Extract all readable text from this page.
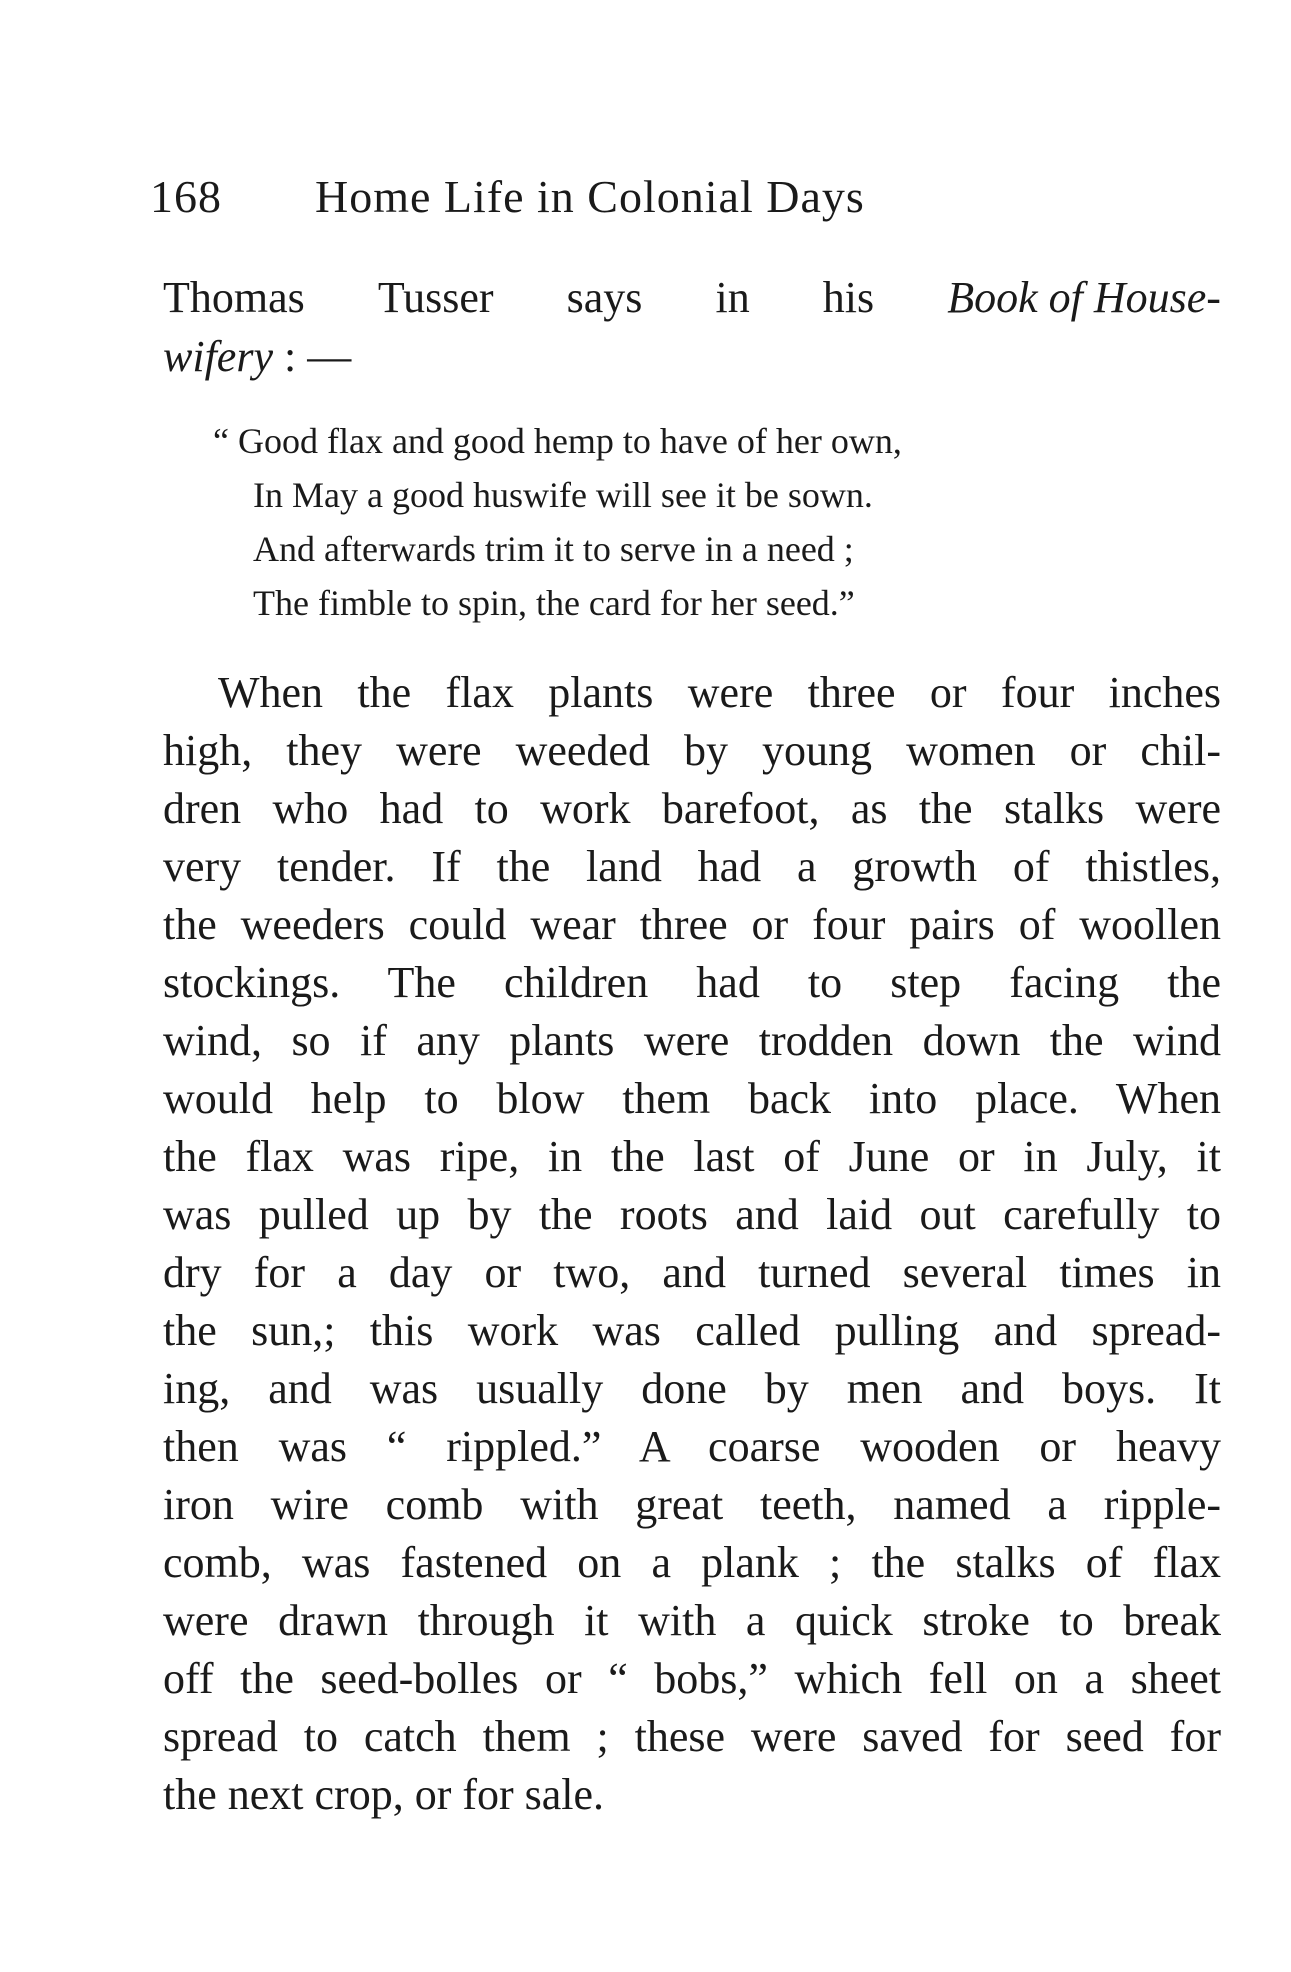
168 Home Life in Colonial Days
Thomas Tusser says in his Book of House-
wifery : —
“ Good flax and good hemp to have of her own,
In May a good huswife will see it be sown.
And afterwards trim it to serve in a need ;
The fimble to spin, the card for her seed.”
When the flax plants were three or four inches
high, they were weeded by young women or chil-
dren who had to work barefoot, as the stalks were
very tender. If the land had a growth of thistles,
the weeders could wear three or four pairs of woollen
stockings. The children had to step facing the
wind, so if any plants were trodden down the wind
would help to blow them back into place. When
the flax was ripe, in the last of June or in July, it
was pulled up by the roots and laid out carefully to
dry for a day or two, and turned several times in
the sun,; this work was called pulling and spread-
ing, and was usually done by men and boys. It
then was “ rippled.” A coarse wooden or heavy
iron wire comb with great teeth, named a ripple-
comb, was fastened on a plank ; the stalks of flax
were drawn through it with a quick stroke to break
off the seed-bolles or “ bobs,” which fell on a sheet
spread to catch them ; these were saved for seed for
the next crop, or for sale.
